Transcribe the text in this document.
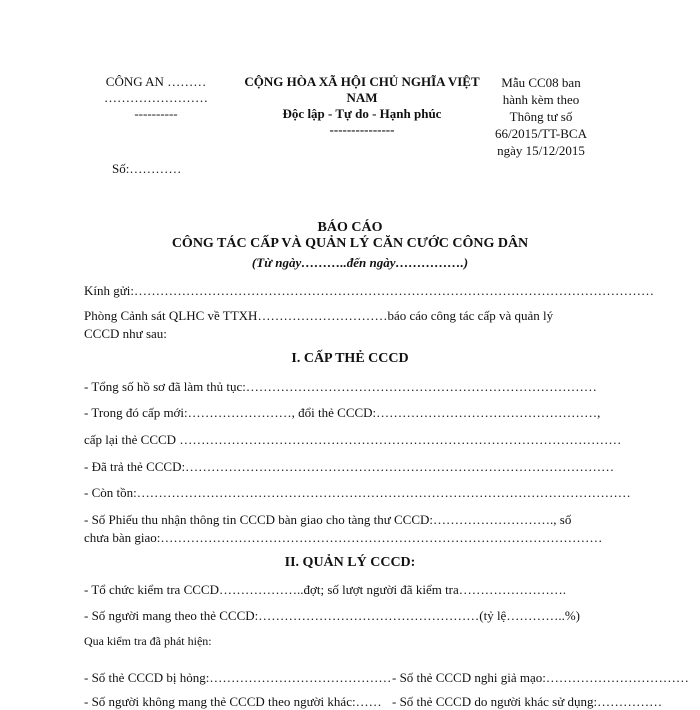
CÔNG AN ………
……………………
----------
CỘNG HÒA XÃ HỘI CHỦ NGHĨA VIỆT
NAM
Độc lập - Tự do - Hạnh phúc
---------------
Mẫu CC08 ban
hành kèm theo
Thông tư số
66/2015/TT-BCA
ngày 15/12/2015
Số:…………
BÁO CÁO
CÔNG TÁC CẤP VÀ QUẢN LÝ CĂN CƯỚC CÔNG DÂN
(Từ ngày………..đến ngày…………….)
Kính gửi:…………………………………………………………………………………………………………
Phòng Cảnh sát QLHC về TTXH…………………………báo cáo công tác cấp và quản lý
CCCD như sau:
I. CẤP THẺ CCCD
- Tổng số hồ sơ đã làm thủ tục:………………………………………………………………………
- Trong đó cấp mới:……………………, đổi thẻ CCCD:……………………………………………,
cấp lại thẻ CCCD …………………………………………………………………………………………
- Đã trả thẻ CCCD:………………………………………………………………………………………
- Còn tồn:……………………………………………………………………………………………………
- Số Phiếu thu nhận thông tin CCCD bàn giao cho tàng thư CCCD:………………………., số
chưa bàn giao:…………………………………………………………………………………………
II. QUẢN LÝ CCCD:
- Tổ chức kiểm tra CCCD………………..đợt; số lượt người đã kiểm tra…………………….
- Số người mang theo thẻ CCCD:……………………………………………(tỷ lệ…………..%)
Qua kiểm tra đã phát hiện:
- Số thẻ CCCD bị hỏng:…………………………………… - Số thẻ CCCD nghi giả mạo:……………………………
- Số người không mang thẻ CCCD theo người khác:…… - Số thẻ CCCD do người khác sử dụng:……………
